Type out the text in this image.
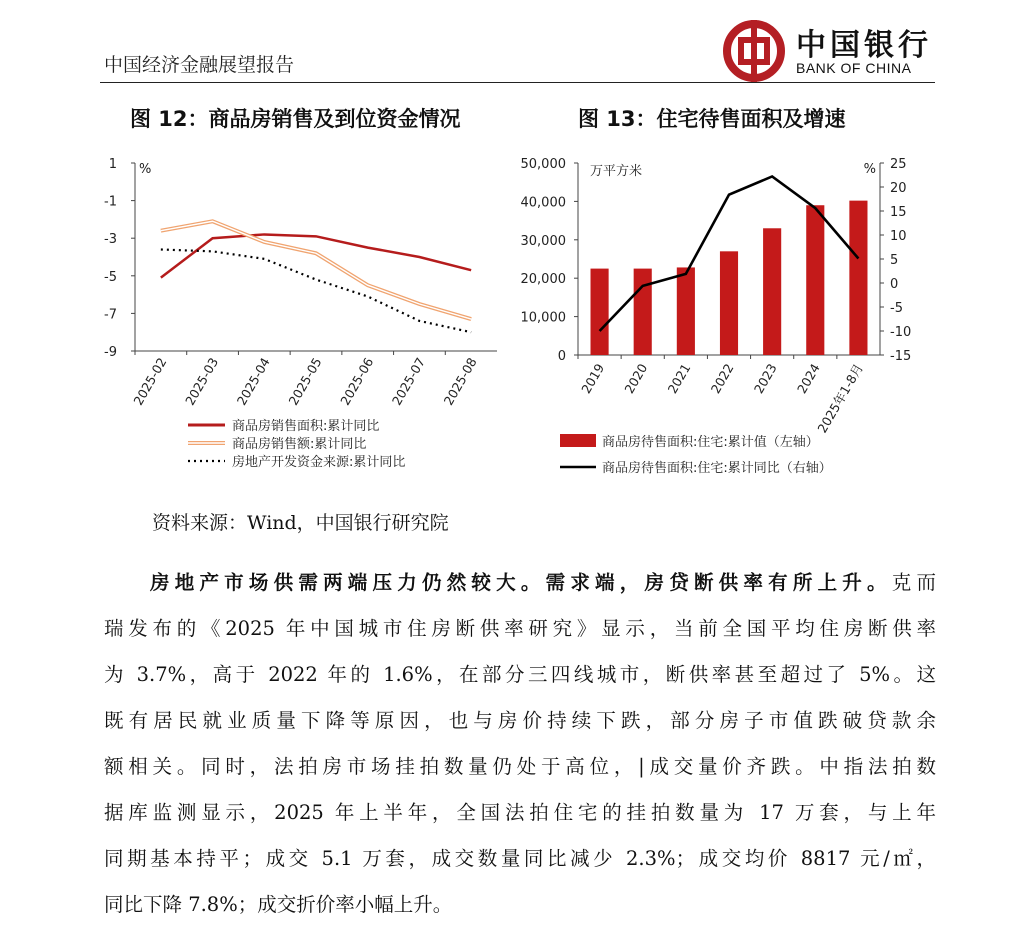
中国经济金融展望报告
中国银行
BANK OF CHINA
图 12：商品房销售及到位资金情况	图 13：住宅待售面积及增速
%
1
-1
-3
-5
-7
-9
2025-02 2025-03 2025-04 2025-05 2025-06 2025-07 2025-08
商品房销售面积:累计同比
商品房销售额:累计同比
房地产开发资金来源:累计同比
万平方米	%
50,000
40,000
30,000
20,000
10,000
0
25
20
15
10
5
0
-5
-10
-15
2019 2020 2021 2022 2023 2024
2025年1-8月
商品房待售面积:住宅:累计值（左轴）
商品房待售面积:住宅:累计同比（右轴）
资料来源：Wind，中国银行研究院
房地产市场供需两端压力仍然较大。需求端，房贷断供率有所上升。克而
瑞发布的《2025 年中国城市住房断供率研究》显示，当前全国平均住房断供率
为 3.7%，高于 2022 年的 1.6%，在部分三四线城市，断供率甚至超过了 5%。这
既有居民就业质量下降等原因，也与房价持续下跌，部分房子市值跌破贷款余
额相关。同时，法拍房市场挂拍数量仍处于高位，|成交量价齐跌。中指法拍数
据库监测显示，2025 年上半年，全国法拍住宅的挂拍数量为 17 万套，与上年
同期基本持平；成交 5.1 万套，成交数量同比减少 2.3%；成交均价 8817 元/㎡，
同比下降 7.8%；成交折价率小幅上升。
